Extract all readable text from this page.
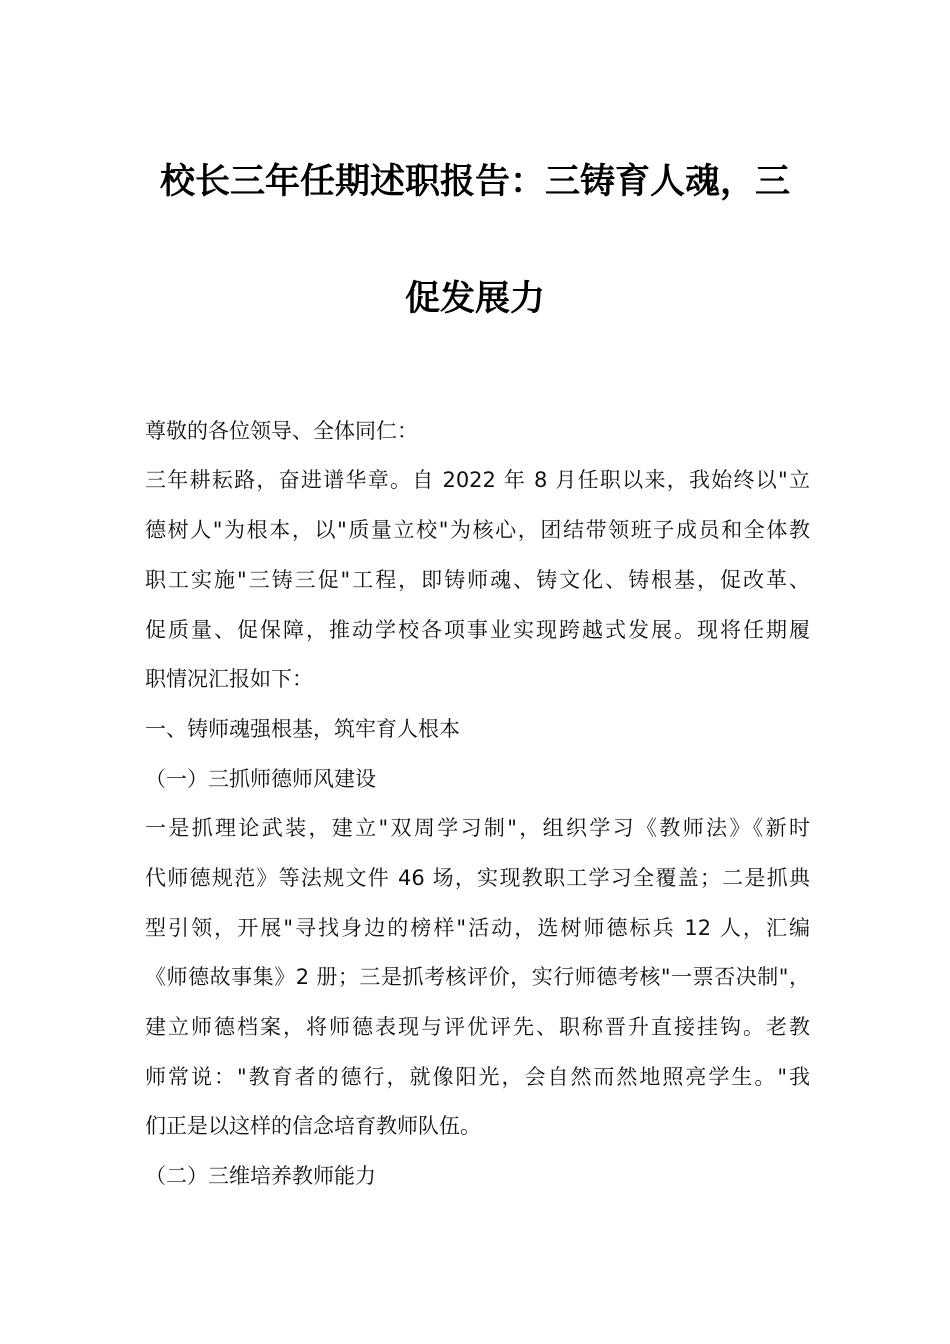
校长三年任期述职报告：三铸育人魂，三
促发展力
尊敬的各位领导、全体同仁：
三年耕耘路，奋进谱华章。自 2022 年 8 月任职以来，我始终以"立
德树人"为根本，以"质量立校"为核心，团结带领班子成员和全体教
职工实施"三铸三促"工程，即铸师魂、铸文化、铸根基，促改革、
促质量、促保障，推动学校各项事业实现跨越式发展。现将任期履
职情况汇报如下：
一、铸师魂强根基，筑牢育人根本
（一）三抓师德师风建设
一是抓理论武装，建立"双周学习制"，组织学习《教师法》《新时
代师德规范》等法规文件 46 场，实现教职工学习全覆盖；二是抓典
型引领，开展"寻找身边的榜样"活动，选树师德标兵 12 人，汇编
《师德故事集》2 册；三是抓考核评价，实行师德考核"一票否决制"，
建立师德档案，将师德表现与评优评先、职称晋升直接挂钩。老教
师常说："教育者的德行，就像阳光，会自然而然地照亮学生。"我
们正是以这样的信念培育教师队伍。
（二）三维培养教师能力
